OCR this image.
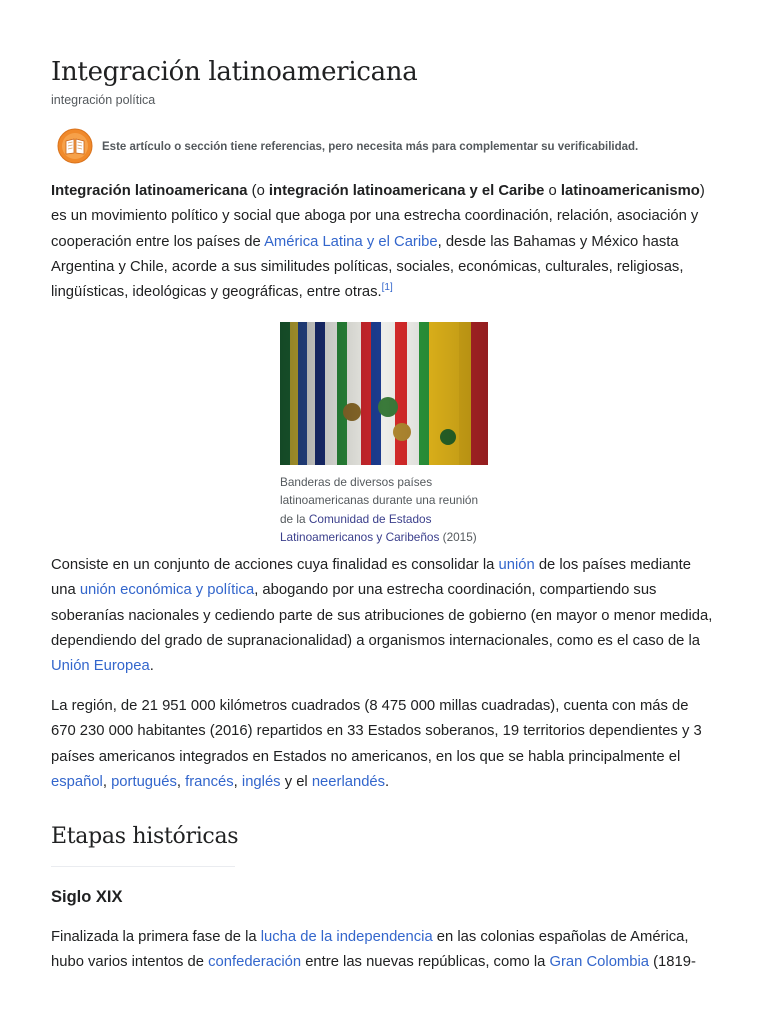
Integración latinoamericana
integración política
Este artículo o sección tiene referencias, pero necesita más para complementar su verificabilidad.

Integración latinoamericana (o integración latinoamericana y el Caribe o latinoamericanismo) es un movimiento político y social que aboga por una estrecha coordinación, relación, asociación y cooperación entre los países de América Latina y el Caribe, desde las Bahamas y México hasta Argentina y Chile, acorde a sus similitudes políticas, sociales, económicas, culturales, religiosas, lingüísticas, ideológicas y geográficas, entre otras.[1]

Banderas de diversos países latinoamericanas durante una reunión de la Comunidad de Estados Latinoamericanos y Caribeños (2015)

Consiste en un conjunto de acciones cuya finalidad es consolidar la unión de los países mediante una unión económica y política, abogando por una estrecha coordinación, compartiendo sus soberanías nacionales y cediendo parte de sus atribuciones de gobierno (en mayor o menor medida, dependiendo del grado de supranacionalidad) a organismos internacionales, como es el caso de la Unión Europea.

La región, de 21 951 000 kilómetros cuadrados (8 475 000 millas cuadradas), cuenta con más de 670 230 000 habitantes (2016) repartidos en 33 Estados soberanos, 19 territorios dependientes y 3 países americanos integrados en Estados no americanos, en los que se habla principalmente el español, portugués, francés, inglés y el neerlandés.

Etapas históricas
Siglo XIX

Finalizada la primera fase de la lucha de la independencia en las colonias españolas de América, hubo varios intentos de confederación entre las nuevas repúblicas, como la Gran Colombia (1819-
